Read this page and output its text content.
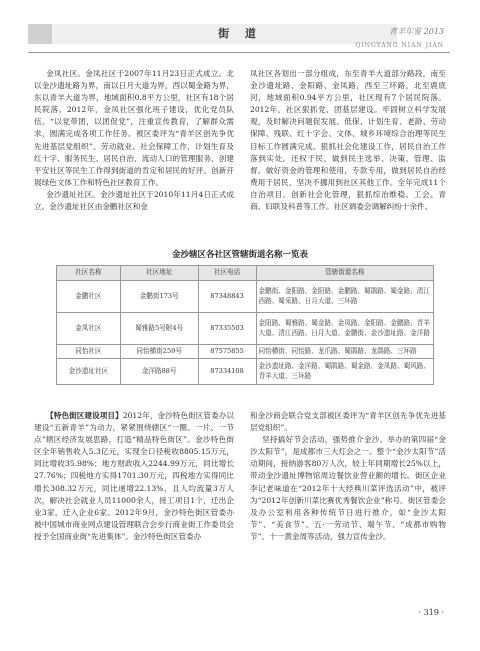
街 道	青羊年鉴 2013
QINGYANG NIAN JIAN

金凤社区。金凤社区于2007年11月23日正式成立。北以金沙遗址路为界，南以日月大道为界，西以蜀金路为界，东以青羊大道为界，地域面积0.8平方公里，社区有18个居民院落。2012年，金凤社区强化班子建设，优化党员队伍。“以党带团，以团促党”，注重宣传教育，了解群众需求，圆满完成各项工作任务。被区委评为“青羊区创先争优先进基层党组织”。劳动就业、社会保障工作，计划生育及红十字、服务民生、居民自治、流动人口的管理服务、创建平安社区等民生工作得到街道的肯定和居民的好评。创新开展绿色文体工作和特色社区教育工作。

金沙遗址社区。金沙遗址社区于2010年11月4日正式成立。金沙遗址社区由金鹏社区和金

凤社区各划出一部分组成，东至青羊大道部分路段，南至金沙遗址路、金阳路、金凤路，西至三环路，北至鹿底河，地域面积0.94平方公里，社区现有7个居民院落。2012年，社区狠抓党、团基层建设。牢固树立科学发展观，及时解决问题促发展。低保、计划生育、老龄、劳动保障、残联、红十字会、文体、城乡环境综合治理等民生目标工作圆满完成。狠抓社会化建设工作，居民自治工作落到实处。还权于民，做到民主选举、决策、管理、监督。做好资金的管理和使用，专款专用，做到居民自治经费用于居民，坚决不挪用到社区其他工作。全年完成11个自治项目。创新社会化管理，狠抓综治维稳、工会、青商、妇联及科普等工作。社区调委会调解纠纷十余件。

金沙辖区各社区管辖街道名称一览表
社区名称	社区地址	社区电话	管辖街道名称
金鹏社区	金鹏街173号	87348843	金鹏街、金阳路、金阳路、金鹏路、蜀鹃路、蜀金路、清江西路、蜀采路、日月大道、三环路
金凤社区	蜀雅路5号附4号	87335503	金阳路、蜀雅路、蜀金路、金凤路、金阳路、金鹏路、青羊大道、清江西路、日月大道、金鹏街、金沙遗址路、金洋路
同怡社区	同怡横街259号	87575855	同怡横街、同怡路、龙爪路、蜀鹃路、龙鹃路、三环路
金沙遗址社区	金洋路88号	87334108	金沙遗址路、金洋路、蜀鹃路、蜀金路、金凤路、蜀风路、青羊大道、三环路

【特色街区建设项目】2012年，金沙特色街区管委办以建设“五新青羊”为动力，紧紧围绕辖区“一圈、一片、一节点”辖区经济发展思路，打造“精品特色街区”。金沙特色街区全年销售收入5.3亿元，实现全口径税收8805.15万元，同比增收35.98%；地方财政收入2244.99万元，同比增长27.76%；四税地方实得1701.30万元，四税地方实得同比增长308.32万元，同比递增22.13%，且人均流量3万人次，解决社会就业人员11000余人，接工项目1个，迁出企业3家，迁入企业6家。2012年9月，金沙特色街区管委办被中国城市商业网点建设管理联合会步行商业街工作委员会授予全国商业街“先进集体”。金沙特色街区管委办

和金沙商会联合党支部被区委评为“青羊区创先争优先进基层党组织”。

坚持搞好节会活动，强势推介金沙。举办的第四届“金沙太阳节”，是成都市三大灯会之一。整个“金沙太阳节”活动期间，接纳游客80万人次，较上年同期增长25%以上，带动金沙遗址博物馆周边餐饮业营业额的增长。街区企业李记老味道在“2012年十大经典川菜评选活动”中，被评为“2012年创新川菜比赛优秀餐饮企业”称号。街区管委会及办公室利用各种传统节日进行推介，如“金沙太阳节”、“美食节”、五·一劳动节、端午节、“成都市购物节”、十一黄金周等活动，强力宣传金沙。

· 319 ·
